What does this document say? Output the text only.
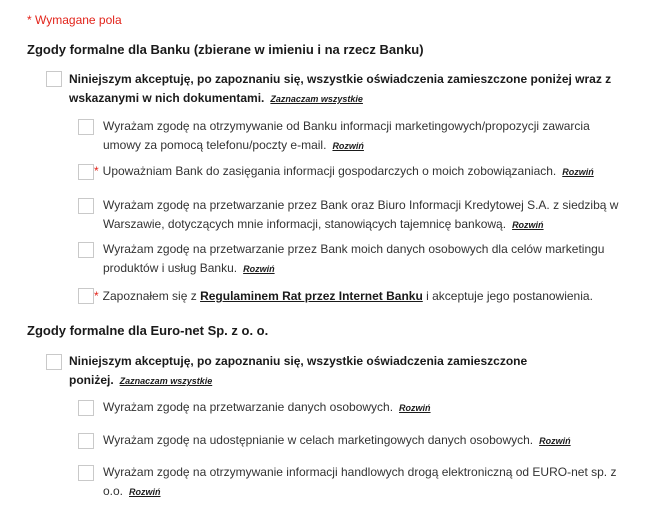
* Wymagane pola
Zgody formalne dla Banku (zbierane w imieniu i na rzecz Banku)
Niniejszym akceptuję, po zapoznaniu się, wszystkie oświadczenia zamieszczone poniżej wraz z
wskazanymi w nich dokumentami. Zaznaczam wszystkie
Wyrażam zgodę na otrzymywanie od Banku informacji marketingowych/propozycji zawarcia
umowy za pomocą telefonu/poczty e-mail. Rozwiń
* Upoważniam Bank do zasięgania informacji gospodarczych o moich zobowiązaniach. Rozwiń
Wyrażam zgodę na przetwarzanie przez Bank oraz Biuro Informacji Kredytowej S.A. z siedzibą w
Warszawie, dotyczących mnie informacji, stanowiących tajemnicę bankową. Rozwiń
Wyrażam zgodę na przetwarzanie przez Bank moich danych osobowych dla celów marketingu
produktów i usług Banku. Rozwiń
* Zapoznałem się z Regulaminem Rat przez Internet Banku i akceptuje jego postanowienia.
Zgody formalne dla Euro-net Sp. z o. o.
Niniejszym akceptuję, po zapoznaniu się, wszystkie oświadczenia zamieszczone
poniżej. Zaznaczam wszystkie
Wyrażam zgodę na przetwarzanie danych osobowych. Rozwiń
Wyrażam zgodę na udostępnianie w celach marketingowych danych osobowych. Rozwiń
Wyrażam zgodę na otrzymywanie informacji handlowych drogą elektroniczną od EURO-net sp. z
o.o. Rozwiń
